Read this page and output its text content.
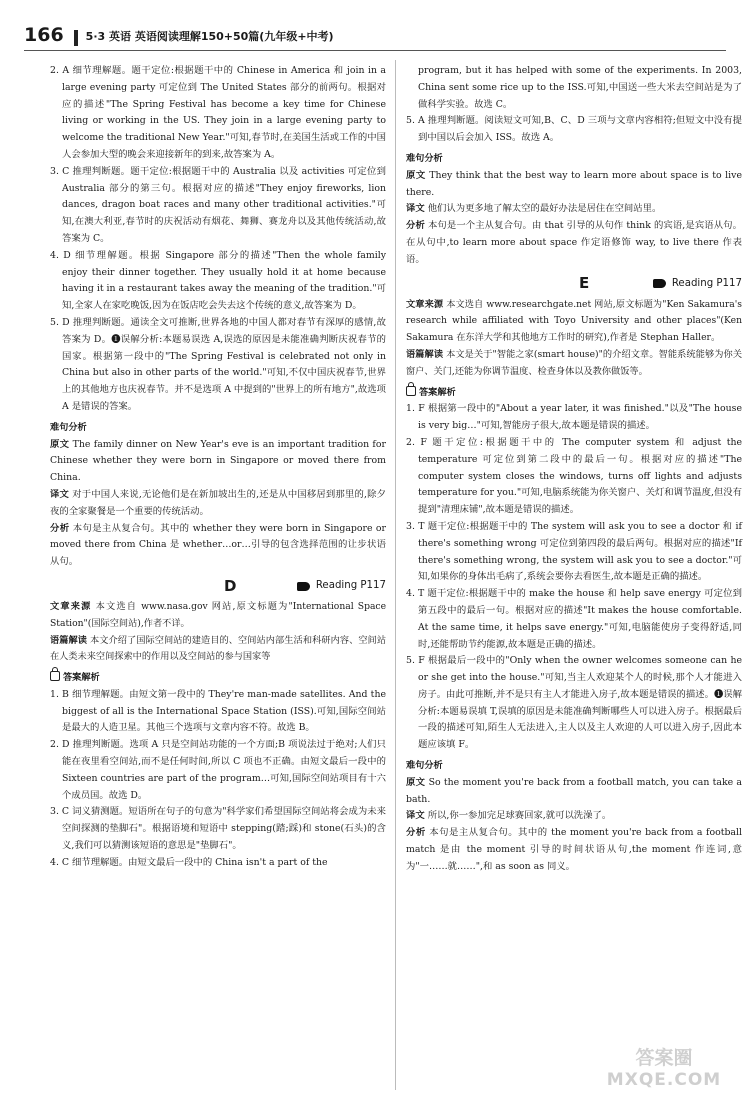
166 5·3 英语 英语阅读理解150+50篇(九年级+中考)

2. A 细节理解题。题干定位:根据题干中的 Chinese in America 和 join in a large evening party 可定位到 The United States 部分的前两句。根据对应的描述"The Spring Festival has become a key time for Chinese living or working in the US. They join in a large evening party to welcome the traditional New Year."可知,春节时,在美国生活或工作的中国人会参加大型的晚会来迎接新年的到来,故答案为 A。

3. C 推理判断题。题干定位:根据题干中的 Australia 以及 activities 可定位到 Australia 部分的第三句。根据对应的描述"They enjoy fireworks, lion dances, dragon boat races and many other traditional activities."可知,在澳大利亚,春节时的庆祝活动有烟花、舞狮、赛龙舟以及其他传统活动,故答案为 C。

4. D 细节理解题。根据 Singapore 部分的描述"Then the whole family enjoy their dinner together. They usually hold it at home because having it in a restaurant takes away the meaning of the tradition."可知,全家人在家吃晚饭,因为在饭店吃会失去这个传统的意义,故答案为 D。

5. D 推理判断题。通读全文可推断,世界各地的中国人都对春节有深厚的感情,故答案为 D。❶误解分析:本题易误选 A,误选的原因是未能准确判断庆祝春节的国家。根据第一段中的"The Spring Festival is celebrated not only in China but also in other parts of the world."可知,不仅中国庆祝春节,世界上的其他地方也庆祝春节。并不是选项 A 中提到的"世界上的所有地方",故选项 A 是错误的答案。

难句分析

原文 The family dinner on New Year's eve is an important tradition for Chinese whether they were born in Singapore or moved there from China.

译文 对于中国人来说,无论他们是在新加坡出生的,还是从中国移居到那里的,除夕夜的全家聚餐是一个重要的传统活动。

分析 本句是主从复合句。其中的 whether they were born in Singapore or moved there from China 是 whether…or…引导的包含选择范围的让步状语从句。

D	Reading P117

文章来源 本文选自 www.nasa.gov 网站,原文标题为"International Space Station"(国际空间站),作者不详。

语篇解读 本文介绍了国际空间站的建造目的、空间站内部生活和科研内容、空间站在人类未来空间探索中的作用以及空间站的参与国家等

答案解析

1. B 细节理解题。由短文第一段中的 They're man-made satellites. And the biggest of all is the International Space Station (ISS).可知,国际空间站是最大的人造卫星。其他三个选项与文章内容不符。故选 B。

2. D 推理判断题。选项 A 只是空间站功能的一个方面;B 项说法过于绝对;人们只能在夜里看空间站,而不是任何时间,所以 C 项也不正确。由短文最后一段中的 Sixteen countries are part of the program…可知,国际空间站项目有十六个成员国。故选 D。

3. C 词义猜测题。短语所在句子的句意为"科学家们希望国际空间站将会成为未来空间探测的垫脚石"。根据语境和短语中 stepping(踏;踩)和 stone(石头)的含义,我们可以猜测该短语的意思是"垫脚石"。

4. C 细节理解题。由短文最后一段中的 China isn't a part of the

program, but it has helped with some of the experiments. In 2003, China sent some rice up to the ISS.可知,中国送一些大米去空间站是为了做科学实验。故选 C。

5. A 推理判断题。阅读短文可知,B、C、D 三项与文章内容相符;但短文中没有提到中国以后会加入 ISS。故选 A。

难句分析

原文 They think that the best way to learn more about space is to live there.

译文 他们认为更多地了解太空的最好办法是居住在空间站里。

分析 本句是一个主从复合句。由 that 引导的从句作 think 的宾语,是宾语从句。在从句中,to learn more about space 作定语修饰 way, to live there 作表语。

E	Reading P117

文章来源 本文选自 www.researchgate.net 网站,原文标题为"Ken Sakamura's research while affiliated with Toyo University and other places"(Ken Sakamura 在东洋大学和其他地方工作时的研究),作者是 Stephan Haller。

语篇解读 本文是关于"智能之家(smart house)"的介绍文章。智能系统能够为你关窗户、关门,还能为你调节温度、检查身体以及教你做饭等。

答案解析

1. F 根据第一段中的"About a year later, it was finished."以及"The house is very big…"可知,智能房子很大,故本题是错误的描述。

2. F 题干定位:根据题干中的 The computer system 和 adjust the temperature 可定位到第二段中的最后一句。根据对应的描述"The computer system closes the windows, turns off lights and adjusts temperature for you."可知,电脑系统能为你关窗户、关灯和调节温度,但没有提到"清理床铺",故本题是错误的描述。

3. T 题干定位:根据题干中的 The system will ask you to see a doctor 和 if there's something wrong 可定位到第四段的最后两句。根据对应的描述"If there's something wrong, the system will ask you to see a doctor."可知,如果你的身体出毛病了,系统会要你去看医生,故本题是正确的描述。

4. T 题干定位:根据题干中的 make the house 和 help save energy 可定位到第五段中的最后一句。根据对应的描述"It makes the house comfortable. At the same time, it helps save energy."可知,电脑能使房子变得舒适,同时,还能帮助节约能源,故本题是正确的描述。

5. F 根据最后一段中的"Only when the owner welcomes someone can he or she get into the house."可知,当主人欢迎某个人的时候,那个人才能进入房子。由此可推断,并不是只有主人才能进入房子,故本题是错误的描述。❶误解分析:本题易误填 T,误填的原因是未能准确判断哪些人可以进入房子。根据最后一段的描述可知,陌生人无法进入,主人以及主人欢迎的人可以进入房子,因此本题应该填 F。

难句分析

原文 So the moment you're back from a football match, you can take a bath.

译文 所以,你一参加完足球赛回家,就可以洗澡了。

分析 本句是主从复合句。其中的 the moment you're back from a football match 是由 the moment 引导的时间状语从句,the moment 作连词,意为"一……就……",和 as soon as 同义。

答案圈
MXQE.COM
